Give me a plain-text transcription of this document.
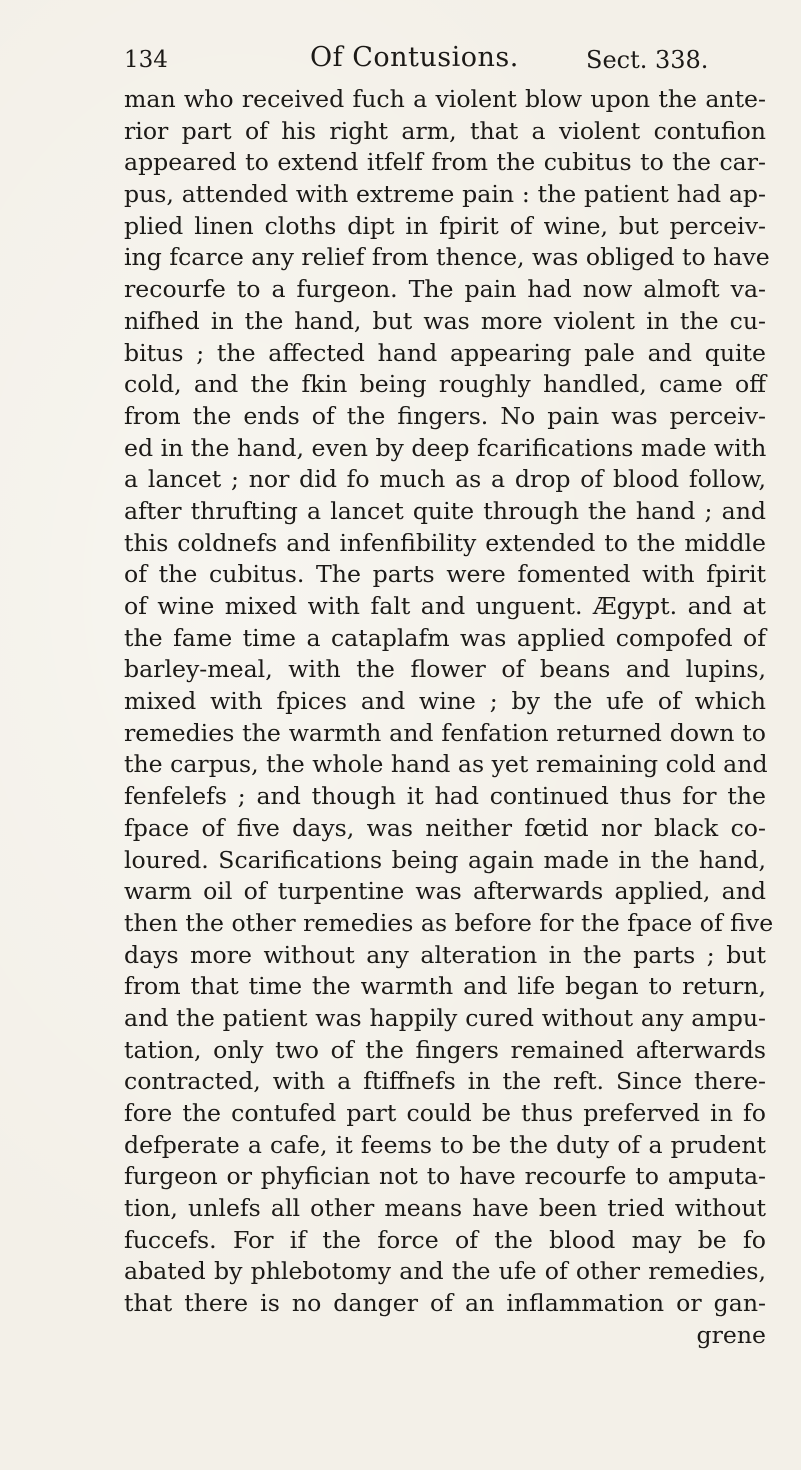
134	Of Contusions.	Sect. 338.
man who received fuch a violent blow upon the ante-
rior part of his right arm, that a violent contufion
appeared to extend itfelf from the cubitus to the car-
pus, attended with extreme pain : the patient had ap-
plied linen cloths dipt in fpirit of wine, but perceiv-
ing fcarce any relief from thence, was obliged to have
recourfe to a furgeon. The pain had now almoft va-
nifhed in the hand, but was more violent in the cu-
bitus ; the affected hand appearing pale and quite
cold, and the fkin being roughly handled, came off
from the ends of the fingers. No pain was perceiv-
ed in the hand, even by deep fcarifications made with
a lancet ; nor did fo much as a drop of blood follow,
after thrufting a lancet quite through the hand ; and
this coldnefs and infenfibility extended to the middle
of the cubitus. The parts were fomented with fpirit
of wine mixed with falt and unguent. Ægypt. and at
the fame time a cataplafm was applied compofed of
barley-meal, with the flower of beans and lupins,
mixed with fpices and wine ; by the ufe of which
remedies the warmth and fenfation returned down to
the carpus, the whole hand as yet remaining cold and
fenfelefs ; and though it had continued thus for the
fpace of five days, was neither fœtid nor black co-
loured. Scarifications being again made in the hand,
warm oil of turpentine was afterwards applied, and
then the other remedies as before for the fpace of five
days more without any alteration in the parts ; but
from that time the warmth and life began to return,
and the patient was happily cured without any ampu-
tation, only two of the fingers remained afterwards
contracted, with a ftiffnefs in the reft. Since there-
fore the contufed part could be thus preferved in fo
defperate a cafe, it feems to be the duty of a prudent
furgeon or phyfician not to have recourfe to amputa-
tion, unlefs all other means have been tried without
fuccefs. For if the force of the blood may be fo
abated by phlebotomy and the ufe of other remedies,
that there is no danger of an inflammation or gan-
grene
